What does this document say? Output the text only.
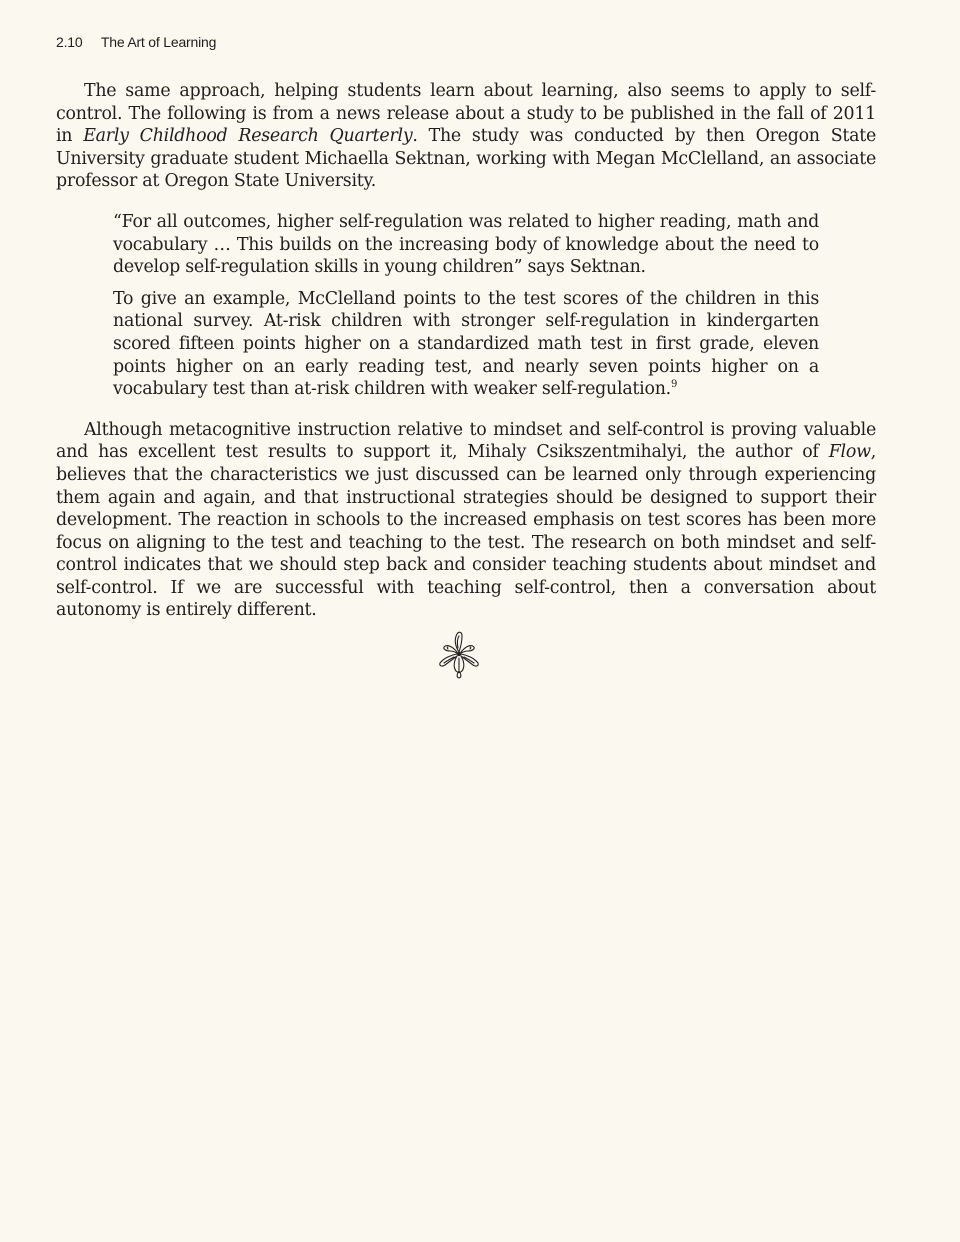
2.10 The Art of Learning

The same approach, helping students learn about learning, also seems to apply to self-control. The following is from a news release about a study to be published in the fall of 2011 in Early Childhood Research Quarterly. The study was conducted by then Oregon State University graduate student Michaella Sektnan, working with Megan McClelland, an associate professor at Oregon State University.

“For all outcomes, higher self-regulation was related to higher reading, math and vocabulary … This builds on the increasing body of knowledge about the need to develop self-regulation skills in young children” says Sektnan.

To give an example, McClelland points to the test scores of the children in this national survey. At-risk children with stronger self-regulation in kindergarten scored fifteen points higher on a standardized math test in first grade, eleven points higher on an early reading test, and nearly seven points higher on a vocabulary test than at-risk children with weaker self-regulation.$^9$

Although metacognitive instruction relative to mindset and self-control is proving valuable and has excellent test results to support it, Mihaly Csikszentmihalyi, the author of Flow, believes that the characteristics we just discussed can be learned only through experiencing them again and again, and that instructional strategies should be designed to support their development. The reaction in schools to the increased emphasis on test scores has been more focus on aligning to the test and teaching to the test. The research on both mindset and self-control indicates that we should step back and consider teaching students about mindset and self-control. If we are successful with teaching self-control, then a conversation about autonomy is entirely different.
